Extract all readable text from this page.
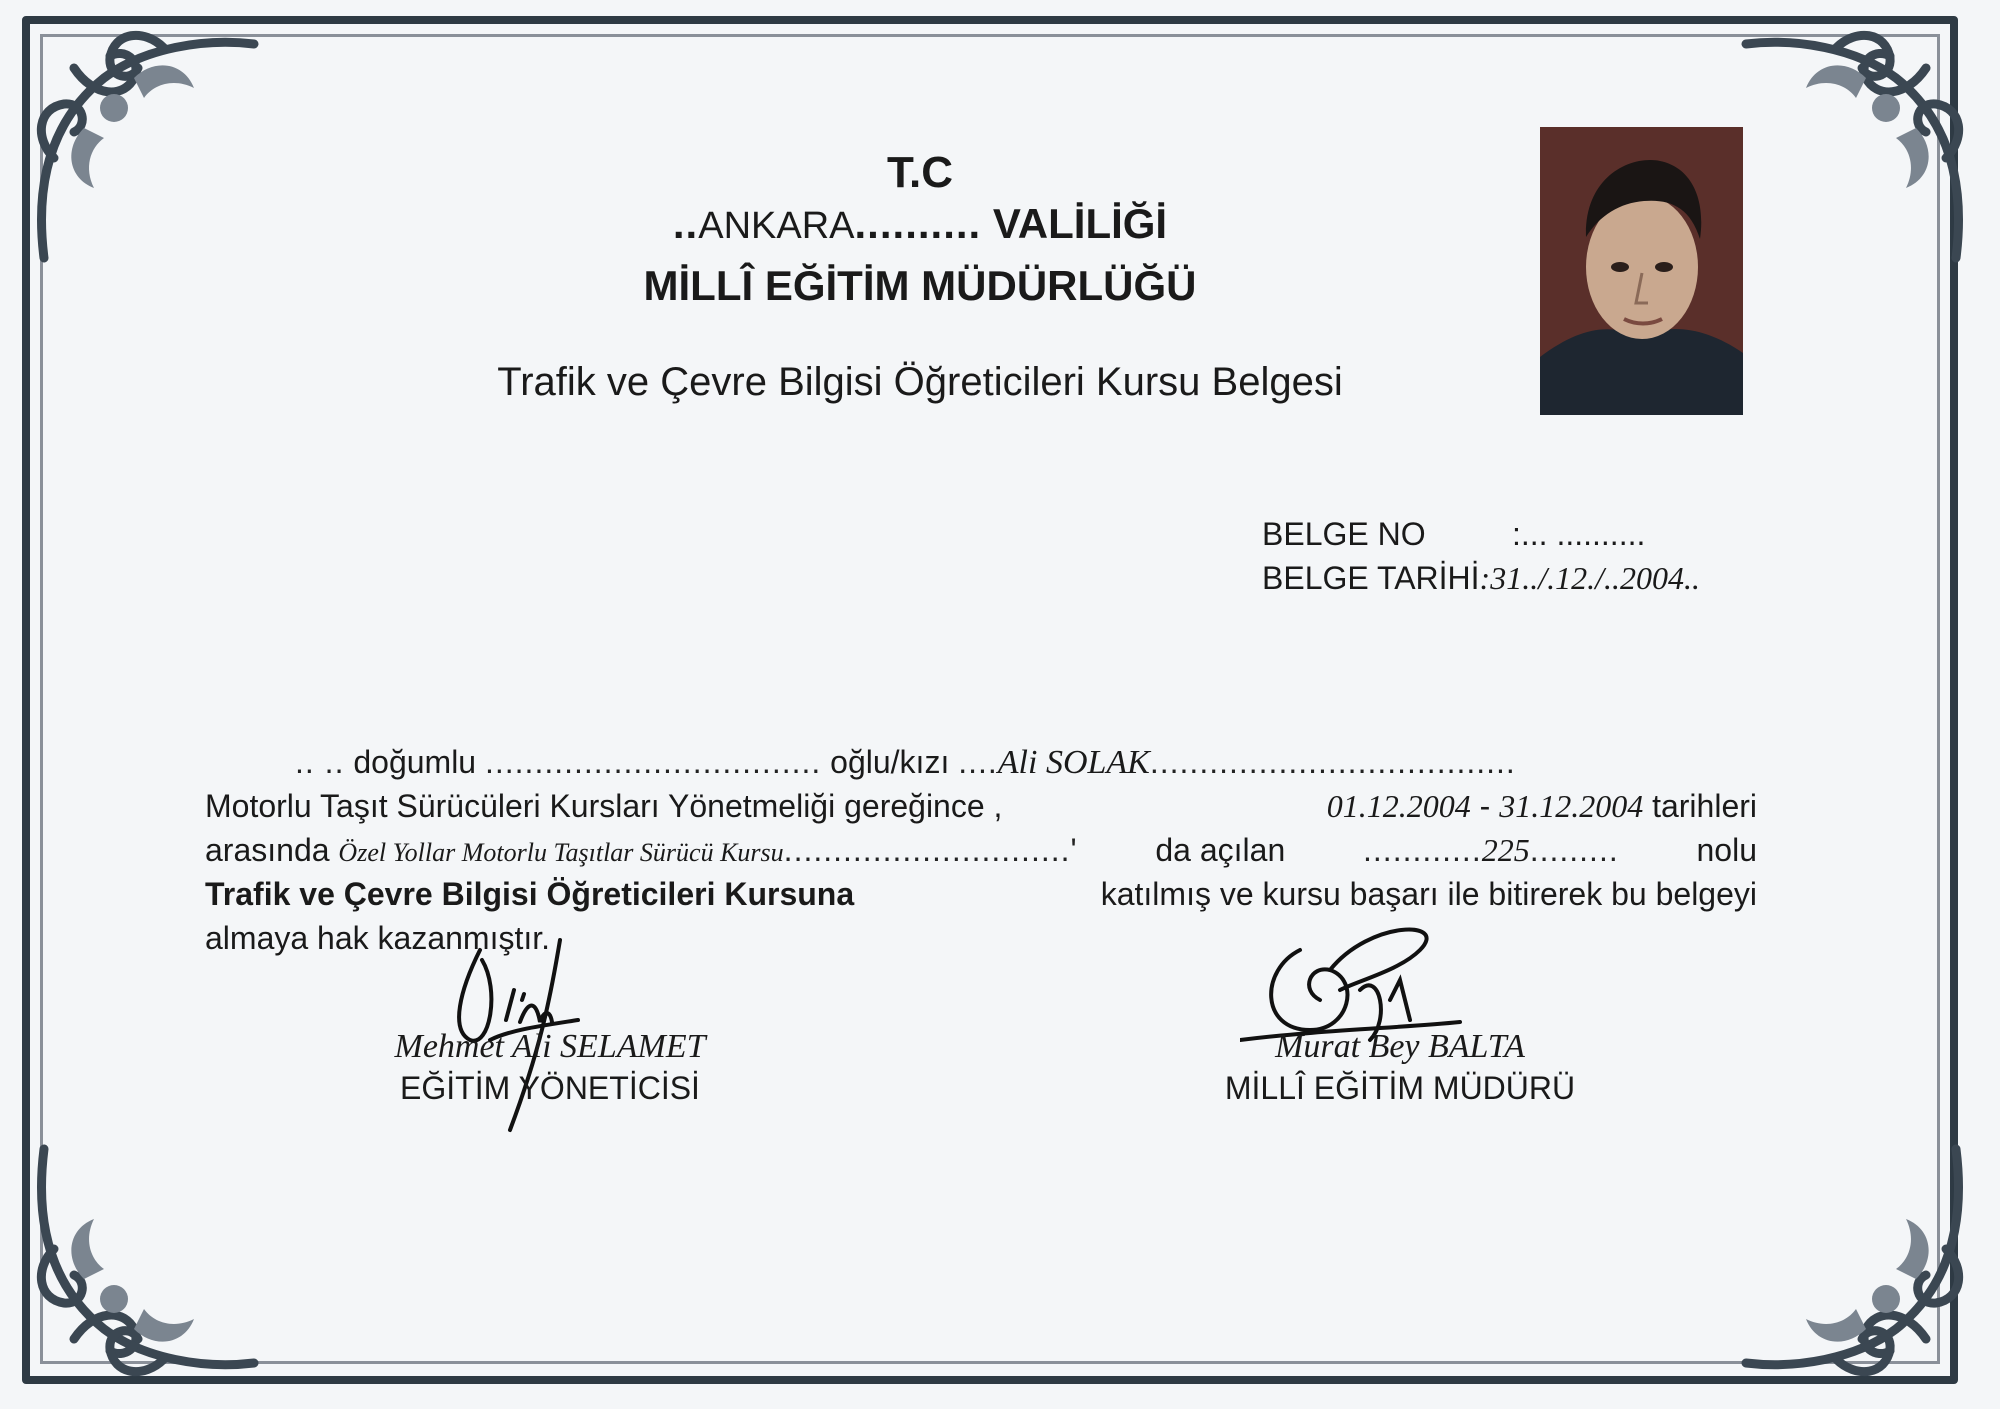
T.C
..ANKARA.......... VALİLİĞİ
MİLLÎ EĞİTİM MÜDÜRLÜĞÜ
Trafik ve Çevre Bilgisi Öğreticileri Kursu Belgesi
BELGE NO	:... ..........
BELGE TARİHİ:31../.12./..2004..
.. .. doğumlu .................................. oğlu/kızı ....Ali SOLAK.....................................
Motorlu Taşıt Sürücüleri Kursları Yönetmeliği gereğince ,	01.12.2004 - 31.12.2004 tarihleri
arasında Özel Yollar Motorlu Taşıtlar Sürücü Kursu.............................' da açılan ............225......... nolu
Trafik ve Çevre Bilgisi Öğreticileri Kursuna	katılmış ve kursu başarı ile bitirerek bu belgeyi
almaya hak kazanmıştır.
Mehmet Ali SELAMET
EĞİTİM YÖNETİCİSİ
Murat Bey BALTA
MİLLÎ EĞİTİM MÜDÜRÜ
